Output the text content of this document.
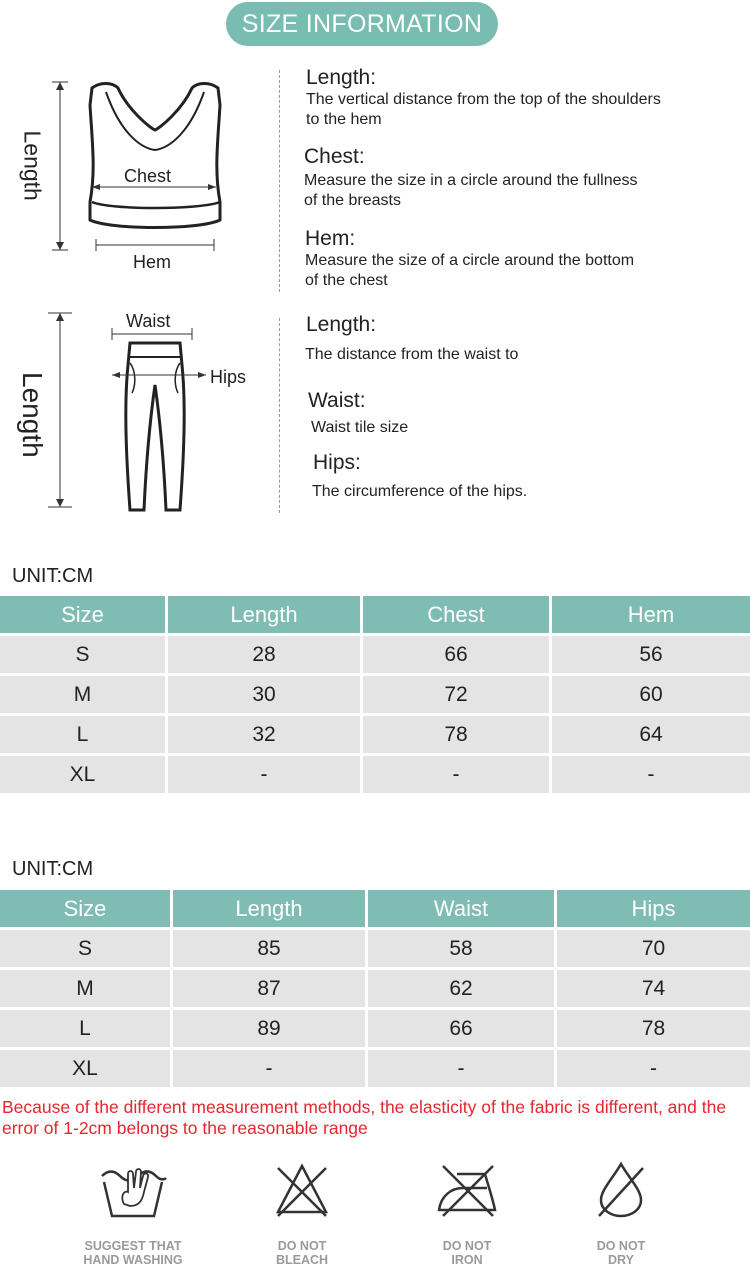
SIZE INFORMATION
Length	Chest
Hem
Length:
The vertical distance from the top of the shoulders
to the hem
Chest:
Measure the size in a circle around the fullness
of the breasts
Hem:
Measure the size of a circle around the bottom
of the chest
Length
Waist
Hips
Length:
The distance from the waist to
Waist:
Waist tile size
Hips:
The circumference of the hips.
UNIT:CM
Size	Length	Chest	Hem
S	28	66	56
M	30	72	60
L	32	78	64
XL	-	-	-
UNIT:CM
Size	Length	Waist	Hips
S	85	58	70
M	87	62	74
L	89	66	78
XL	-	-	-
Because of the different measurement methods, the elasticity of the fabric is different, and the error of 1-2cm belongs to the reasonable range
SUGGEST THAT
HAND WASHING
DO NOT
BLEACH
DO NOT
IRON
DO NOT
DRY
